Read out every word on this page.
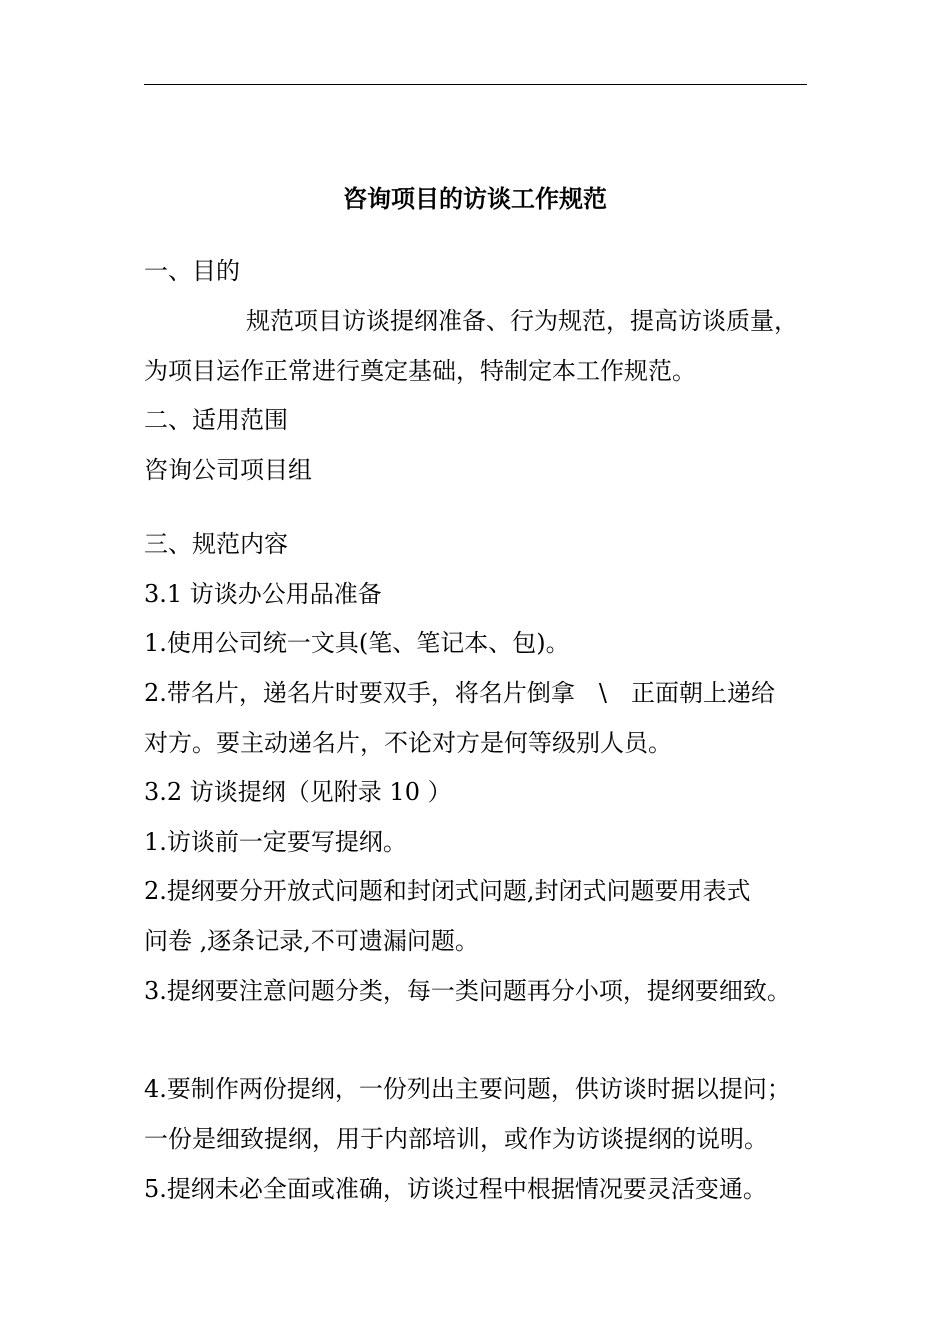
咨询项目的访谈工作规范
一、目的
规范项目访谈提纲准备、行为规范，提高访谈质量，
为项目运作正常进行奠定基础，特制定本工作规范。
二、适用范围
咨询公司项目组
三、规范内容
3.1 访谈办公用品准备
1.使用公司统一文具(笔、笔记本、包)。
2.带名片，递名片时要双手，将名片倒拿　\　正面朝上递给
对方。要主动递名片，不论对方是何等级别人员。
3.2 访谈提纲（见附录 10 ）
1.访谈前一定要写提纲。
2.提纲要分开放式问题和封闭式问题,封闭式问题要用表式
问卷 ,逐条记录,不可遗漏问题。
3.提纲要注意问题分类，每一类问题再分小项，提纲要细致。
4.要制作两份提纲，一份列出主要问题，供访谈时据以提问；
一份是细致提纲，用于内部培训，或作为访谈提纲的说明。
5.提纲未必全面或准确，访谈过程中根据情况要灵活变通。
